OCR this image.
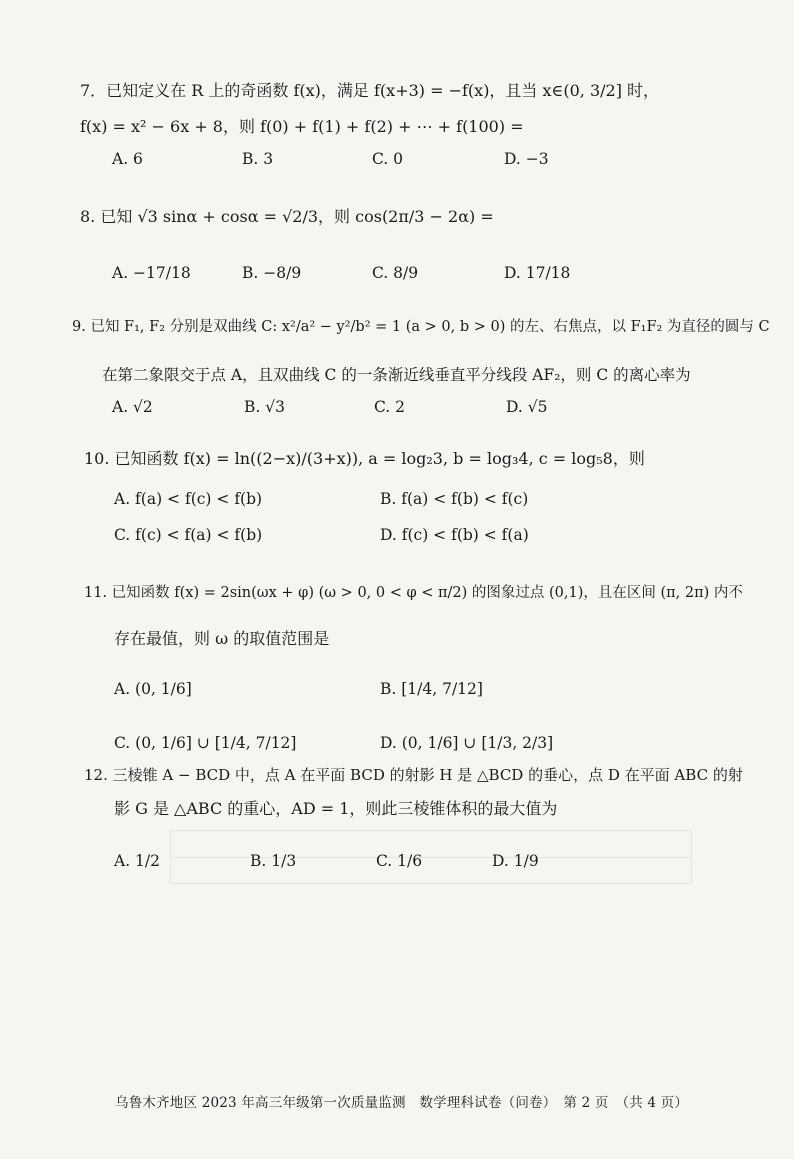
7．已知定义在 R 上的奇函数 f(x)，满足 f(x+3) = −f(x)，且当 x∈(0, 3/2] 时，
f(x) = x² − 6x + 8，则 f(0) + f(1) + f(2) + ⋯ + f(100) =
A. 6	B. 3	C. 0	D. −3
8. 已知 √3 sinα + cosα = √2/3，则 cos(2π/3 − 2α) =
A. −17/18	B. −8/9	C. 8/9	D. 17/18
9. 已知 F₁, F₂ 分别是双曲线 C: x²/a² − y²/b² = 1 (a > 0, b > 0) 的左、右焦点，以 F₁F₂ 为直径的圆与 C
在第二象限交于点 A，且双曲线 C 的一条渐近线垂直平分线段 AF₂，则 C 的离心率为
A. √2	B. √3	C. 2	D. √5
10. 已知函数 f(x) = ln((2−x)/(3+x)), a = log₂3, b = log₃4, c = log₅8，则
A. f(a) < f(c) < f(b)	B. f(a) < f(b) < f(c)
C. f(c) < f(a) < f(b)	D. f(c) < f(b) < f(a)
11. 已知函数 f(x) = 2sin(ωx + φ) (ω > 0, 0 < φ < π/2) 的图象过点 (0,1)，且在区间 (π, 2π) 内不
存在最值，则 ω 的取值范围是
A. (0, 1/6]	B. [1/4, 7/12]
C. (0, 1/6] ∪ [1/4, 7/12]	D. (0, 1/6] ∪ [1/3, 2/3]
12. 三棱锥 A − BCD 中，点 A 在平面 BCD 的射影 H 是 △BCD 的垂心，点 D 在平面 ABC 的射
影 G 是 △ABC 的重心，AD = 1，则此三棱锥体积的最大值为
A. 1/2	B. 1/3	C. 1/6	D. 1/9
乌鲁木齐地区 2023 年高三年级第一次质量监测　数学理科试卷（问卷）　第 2 页　（共 4 页）
